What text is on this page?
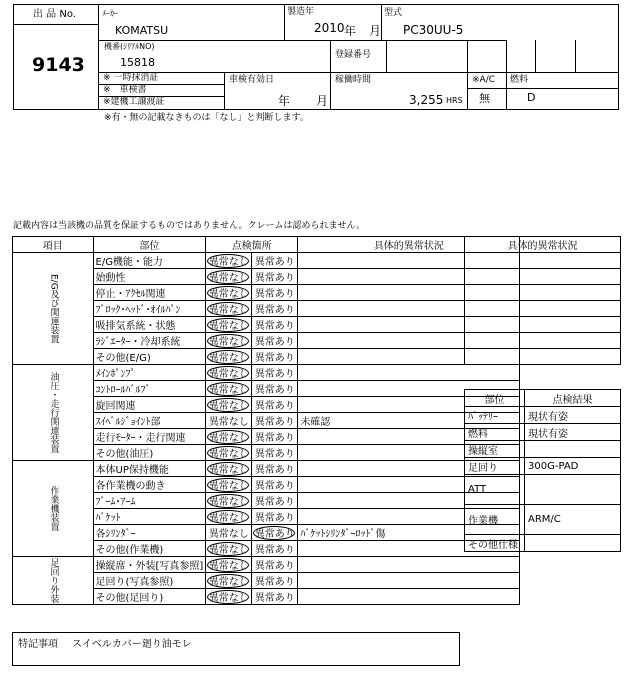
出 品 No.
9143
ﾒｰｶｰ
KOMATSU
製造年
2010 年 月
型式
PC30UU-5
機番(ｼﾘｱﾙNO)
15818
登録番号
※ 一時抹消証
※　車検書
※建機工譲渡証
車検有効日
年 月
稼働時間
3,255 HRS
※A/C
無
燃料
D
※有・無の記載なきものは「なし」と判断します。
記載内容は当該機の品質を保証するものではありません。クレームは認められません。
項目	部位	点検箇所		具体的異常状況
E/G及び関連装置	E/G機能・能力	異常なし	異常あり	
	始動性	異常なし	異常あり	
	停止・ｱｸｾﾙ関連	異常なし	異常あり	
	ﾌﾞﾛｯｸ･ﾍｯﾄﾞ･ｵｲﾙﾊﾟﾝ	異常なし	異常あり	
	吸排気系統・状態	異常なし	異常あり	
	ﾗｼﾞｴｰﾀｰ・冷却系統	異常なし	異常あり	
	その他(E/G)	異常なし	異常あり	
油圧・走行関連装置	ﾒｲﾝﾎﾟﾝﾌﾟ	異常なし	異常あり	
	ｺﾝﾄﾛｰﾙﾊﾞﾙﾌﾞ	異常なし	異常あり	
	旋回関連	異常なし	異常あり	
	ｽｲﾍﾞﾙｼﾞｮｲﾝﾄ部	異常なし	異常あり	未確認
	走行ﾓｰﾀｰ・走行関連	異常なし	異常あり	
	その他(油圧)	異常なし	異常あり	
作業機装置	本体UP保持機能	異常なし	異常あり	
	各作業機の動き	異常なし	異常あり	
	ﾌﾞｰﾑ･ｱｰﾑ	異常なし	異常あり	
	ﾊﾞｹｯﾄ	異常なし	異常あり	
	各ｼﾘﾝﾀﾞｰ	異常なし	異常あり	ﾊﾞｹｯﾄｼﾘﾝﾀﾞｰﾛｯﾄﾞ傷
	その他(作業機)	異常なし	異常あり	
足回り外装	操縦席・外装[写真参照]	異常なし	異常あり	
	足回り(写真参照)	異常なし	異常あり	
	その他(足回り)	異常なし	異常あり	
具体的異常状況

部位	点検結果
ﾊﾞｯﾃﾘｰ	現状有姿
燃料	現状有姿
操縦室	
足回り	300G-PAD
ATT	
作業機	ARM/C
その他仕様	
特記事項 スイベルカバー廻り油モレ
